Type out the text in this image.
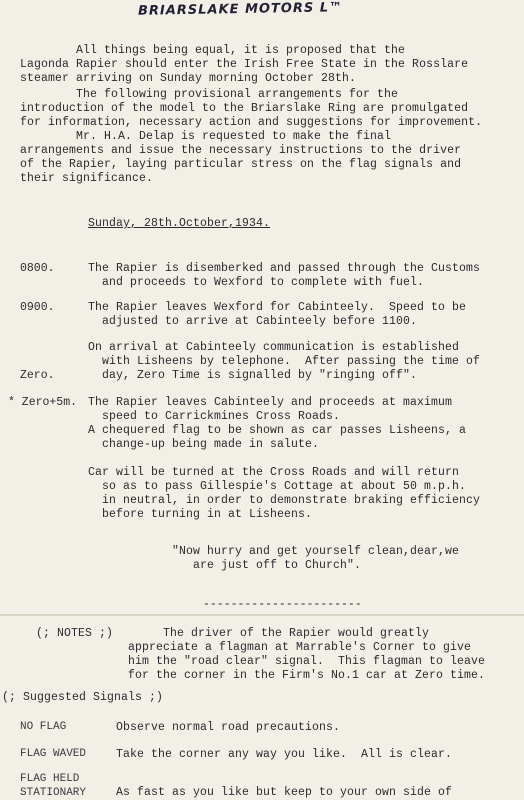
BRIARSLAKE MOTORS L™
All things being equal, it is proposed that the
Lagonda Rapier should enter the Irish Free State in the Rosslare
steamer arriving on Sunday morning October 28th.
The following provisional arrangements for the
introduction of the model to the Briarslake Ring are promulgated
for information, necessary action and suggestions for improvement.
Mr. H.A. Delap is requested to make the final
arrangements and issue the necessary instructions to the driver
of the Rapier, laying particular stress on the flag signals and
their significance.
Sunday, 28th.October,1934.
0800.	The Rapier is disemberked and passed through the Customs
and proceeds to Wexford to complete with fuel.
0900.	The Rapier leaves Wexford for Cabinteely.  Speed to be
adjusted to arrive at Cabinteely before 1100.
On arrival at Cabinteely communication is established
with Lisheens by telephone.  After passing the time of
Zero.	day, Zero Time is signalled by "ringing off".
* Zero+5m. The Rapier leaves Cabinteely and proceeds at maximum
speed to Carrickmines Cross Roads.
A chequered flag to be shown as car passes Lisheens, a
change-up being made in salute.
Car will be turned at the Cross Roads and will return
so as to pass Gillespie's Cottage at about 50 m.p.h.
in neutral, in order to demonstrate braking efficiency
before turning in at Lisheens.
"Now hurry and get yourself clean,dear,we
are just off to Church".
-----------------------
(; NOTES ;) The driver of the Rapier would greatly
appreciate a flagman at Marrable's Corner to give
him the "road clear" signal.  This flagman to leave
for the corner in the Firm's No.1 car at Zero time.
(; Suggested Signals ;)
NO FLAG	Observe normal road precautions.
FLAG WAVED	Take the corner any way you like.  All is clear.
FLAG HELD
STATIONARY	As fast as you like but keep to your own side of
